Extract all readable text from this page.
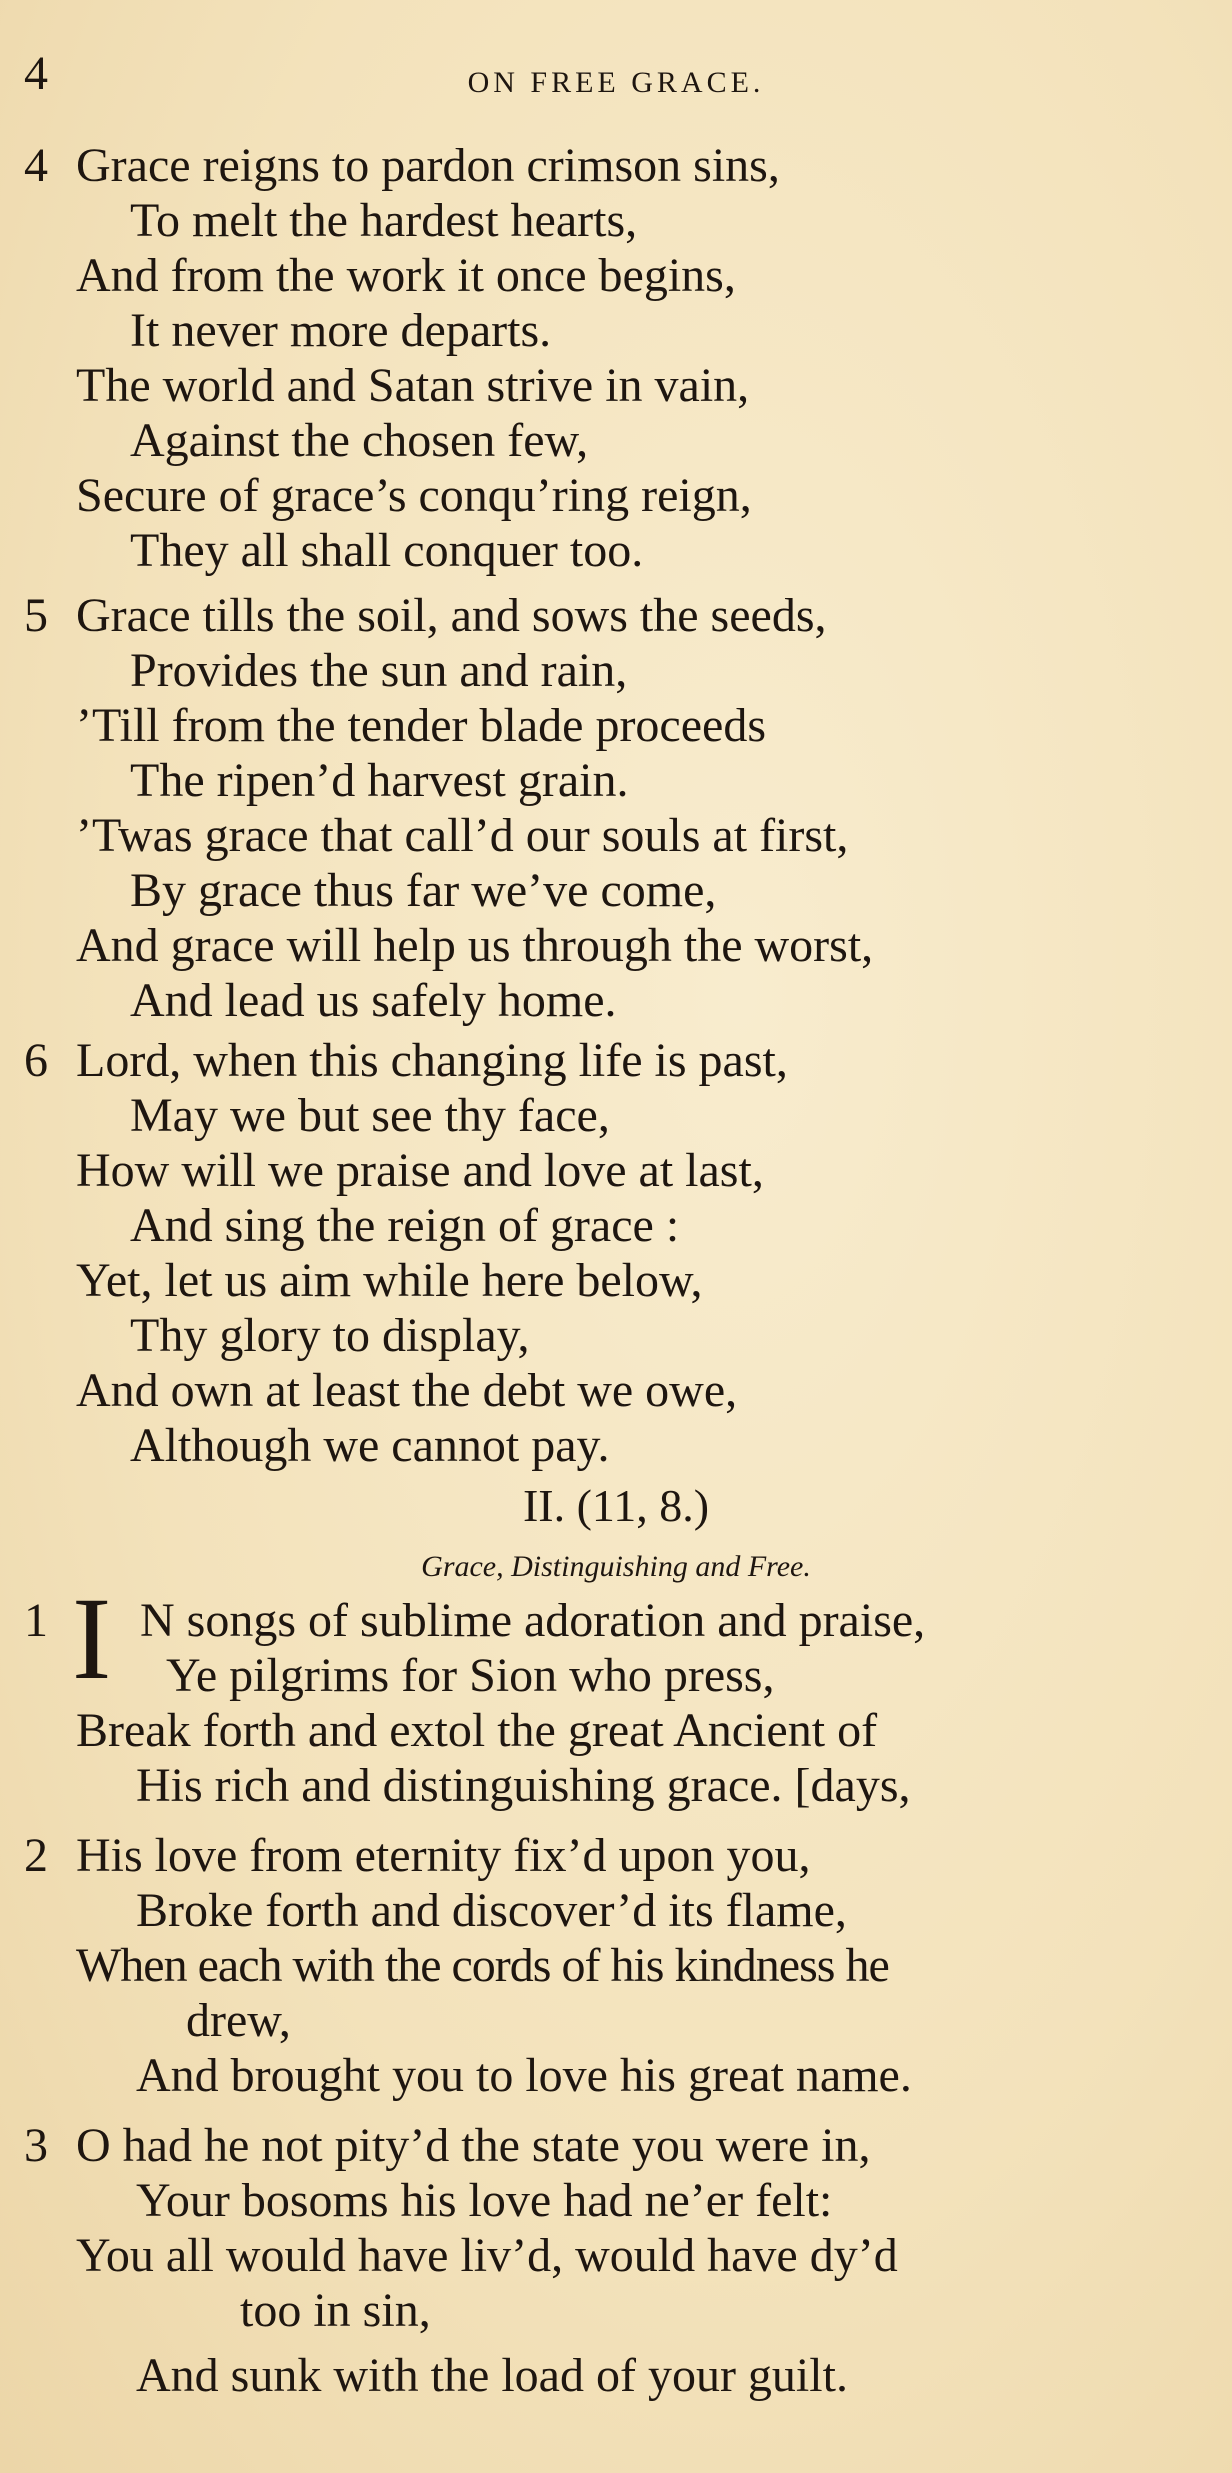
4	ON FREE GRACE.
4 Grace reigns to pardon crimson sins,
To melt the hardest hearts,
And from the work it once begins,
It never more departs.
The world and Satan strive in vain,
Against the chosen few,
Secure of grace’s conqu’ring reign,
They all shall conquer too.
5 Grace tills the soil, and sows the seeds,
Provides the sun and rain,
’Till from the tender blade proceeds
The ripen’d harvest grain.
’Twas grace that call’d our souls at first,
By grace thus far we’ve come,
And grace will help us through the worst,
And lead us safely home.
6 Lord, when this changing life is past,
May we but see thy face,
How will we praise and love at last,
And sing the reign of grace :
Yet, let us aim while here below,
Thy glory to display,
And own at least the debt we owe,
Although we cannot pay.
II. (11, 8.)
Grace, Distinguishing and Free.
1 I N songs of sublime adoration and praise,
Ye pilgrims for Sion who press,
Break forth and extol the great Ancient of
His rich and distinguishing grace. [days,
2 His love from eternity fix’d upon you,
Broke forth and discover’d its flame,
When each with the cords of his kindness he
drew,
And brought you to love his great name.
3 O had he not pity’d the state you were in,
Your bosoms his love had ne’er felt:
You all would have liv’d, would have dy’d
too in sin,
And sunk with the load of your guilt.
